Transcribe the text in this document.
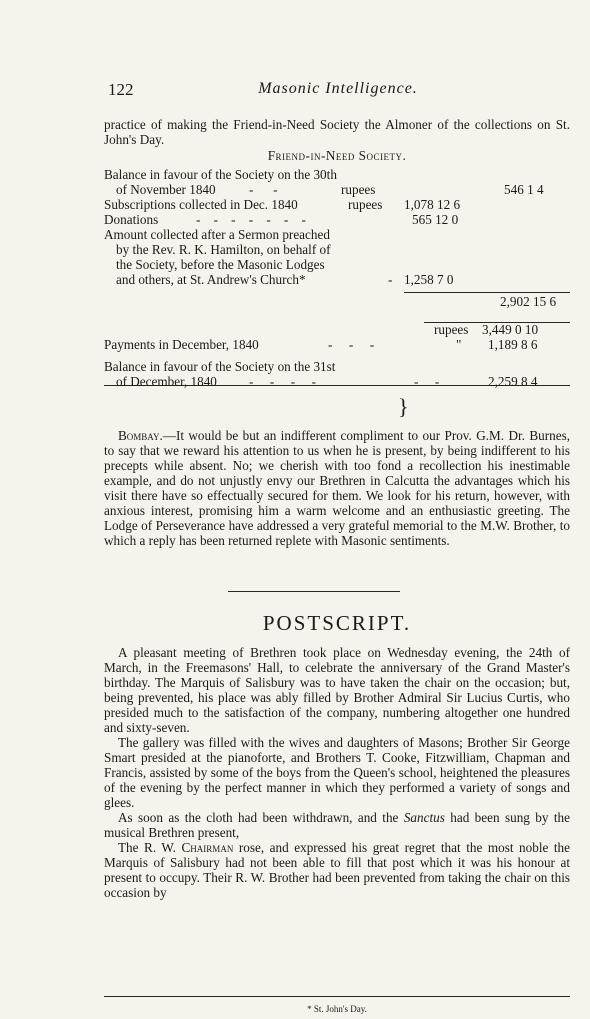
122	Masonic Intelligence.

practice of making the Friend-in-Need Society the Almoner of the collections on St. John's Day.

Friend-in-Need Society.

Balance in favour of the Society on the 30th
of November 1840	-      -	rupees	546 1 4
Subscriptions collected in Dec. 1840	rupees 1,078 12 6
Donations	-    -    -    -    -    -    -	565 12 0
Amount collected after a Sermon preached
by the Rev. R. K. Hamilton, on behalf of
the Society, before the Masonic Lodges
and others, at St. Andrew's Church*	- 1,258 7 0
2,902 15 6
rupees 3,449 0 10
Payments in December, 1840	-     -     -	" 1,189 8 6
Balance in favour of the Society on the 31st
of December, 1840 -     -     -     -	-     -	2,259 8 4
}

Bombay.—It would be but an indifferent compliment to our Prov. G.M. Dr. Burnes, to say that we reward his attention to us when he is present, by being indifferent to his precepts while absent. No; we cherish with too fond a recollection his inestimable example, and do not unjustly envy our Brethren in Calcutta the advantages which his visit there have so effectually secured for them. We look for his return, however, with anxious interest, promising him a warm welcome and an enthusiastic greeting. The Lodge of Perseverance have addressed a very grateful memorial to the M.W. Brother, to which a reply has been returned replete with Masonic sentiments.

POSTSCRIPT.

A pleasant meeting of Brethren took place on Wednesday evening, the 24th of March, in the Freemasons' Hall, to celebrate the anniversary of the Grand Master's birthday. The Marquis of Salisbury was to have taken the chair on the occasion; but, being prevented, his place was ably filled by Brother Admiral Sir Lucius Curtis, who presided much to the satisfaction of the company, numbering altogether one hundred and sixty-seven.

The gallery was filled with the wives and daughters of Masons; Brother Sir George Smart presided at the pianoforte, and Brothers T. Cooke, Fitzwilliam, Chapman and Francis, assisted by some of the boys from the Queen's school, heightened the pleasures of the evening by the perfect manner in which they performed a variety of songs and glees.

As soon as the cloth had been withdrawn, and the Sanctus had been sung by the musical Brethren present,

The R. W. Chairman rose, and expressed his great regret that the most noble the Marquis of Salisbury had not been able to fill that post which it was his honour at present to occupy. Their R. W. Brother had been prevented from taking the chair on this occasion by

* St. John's Day.
